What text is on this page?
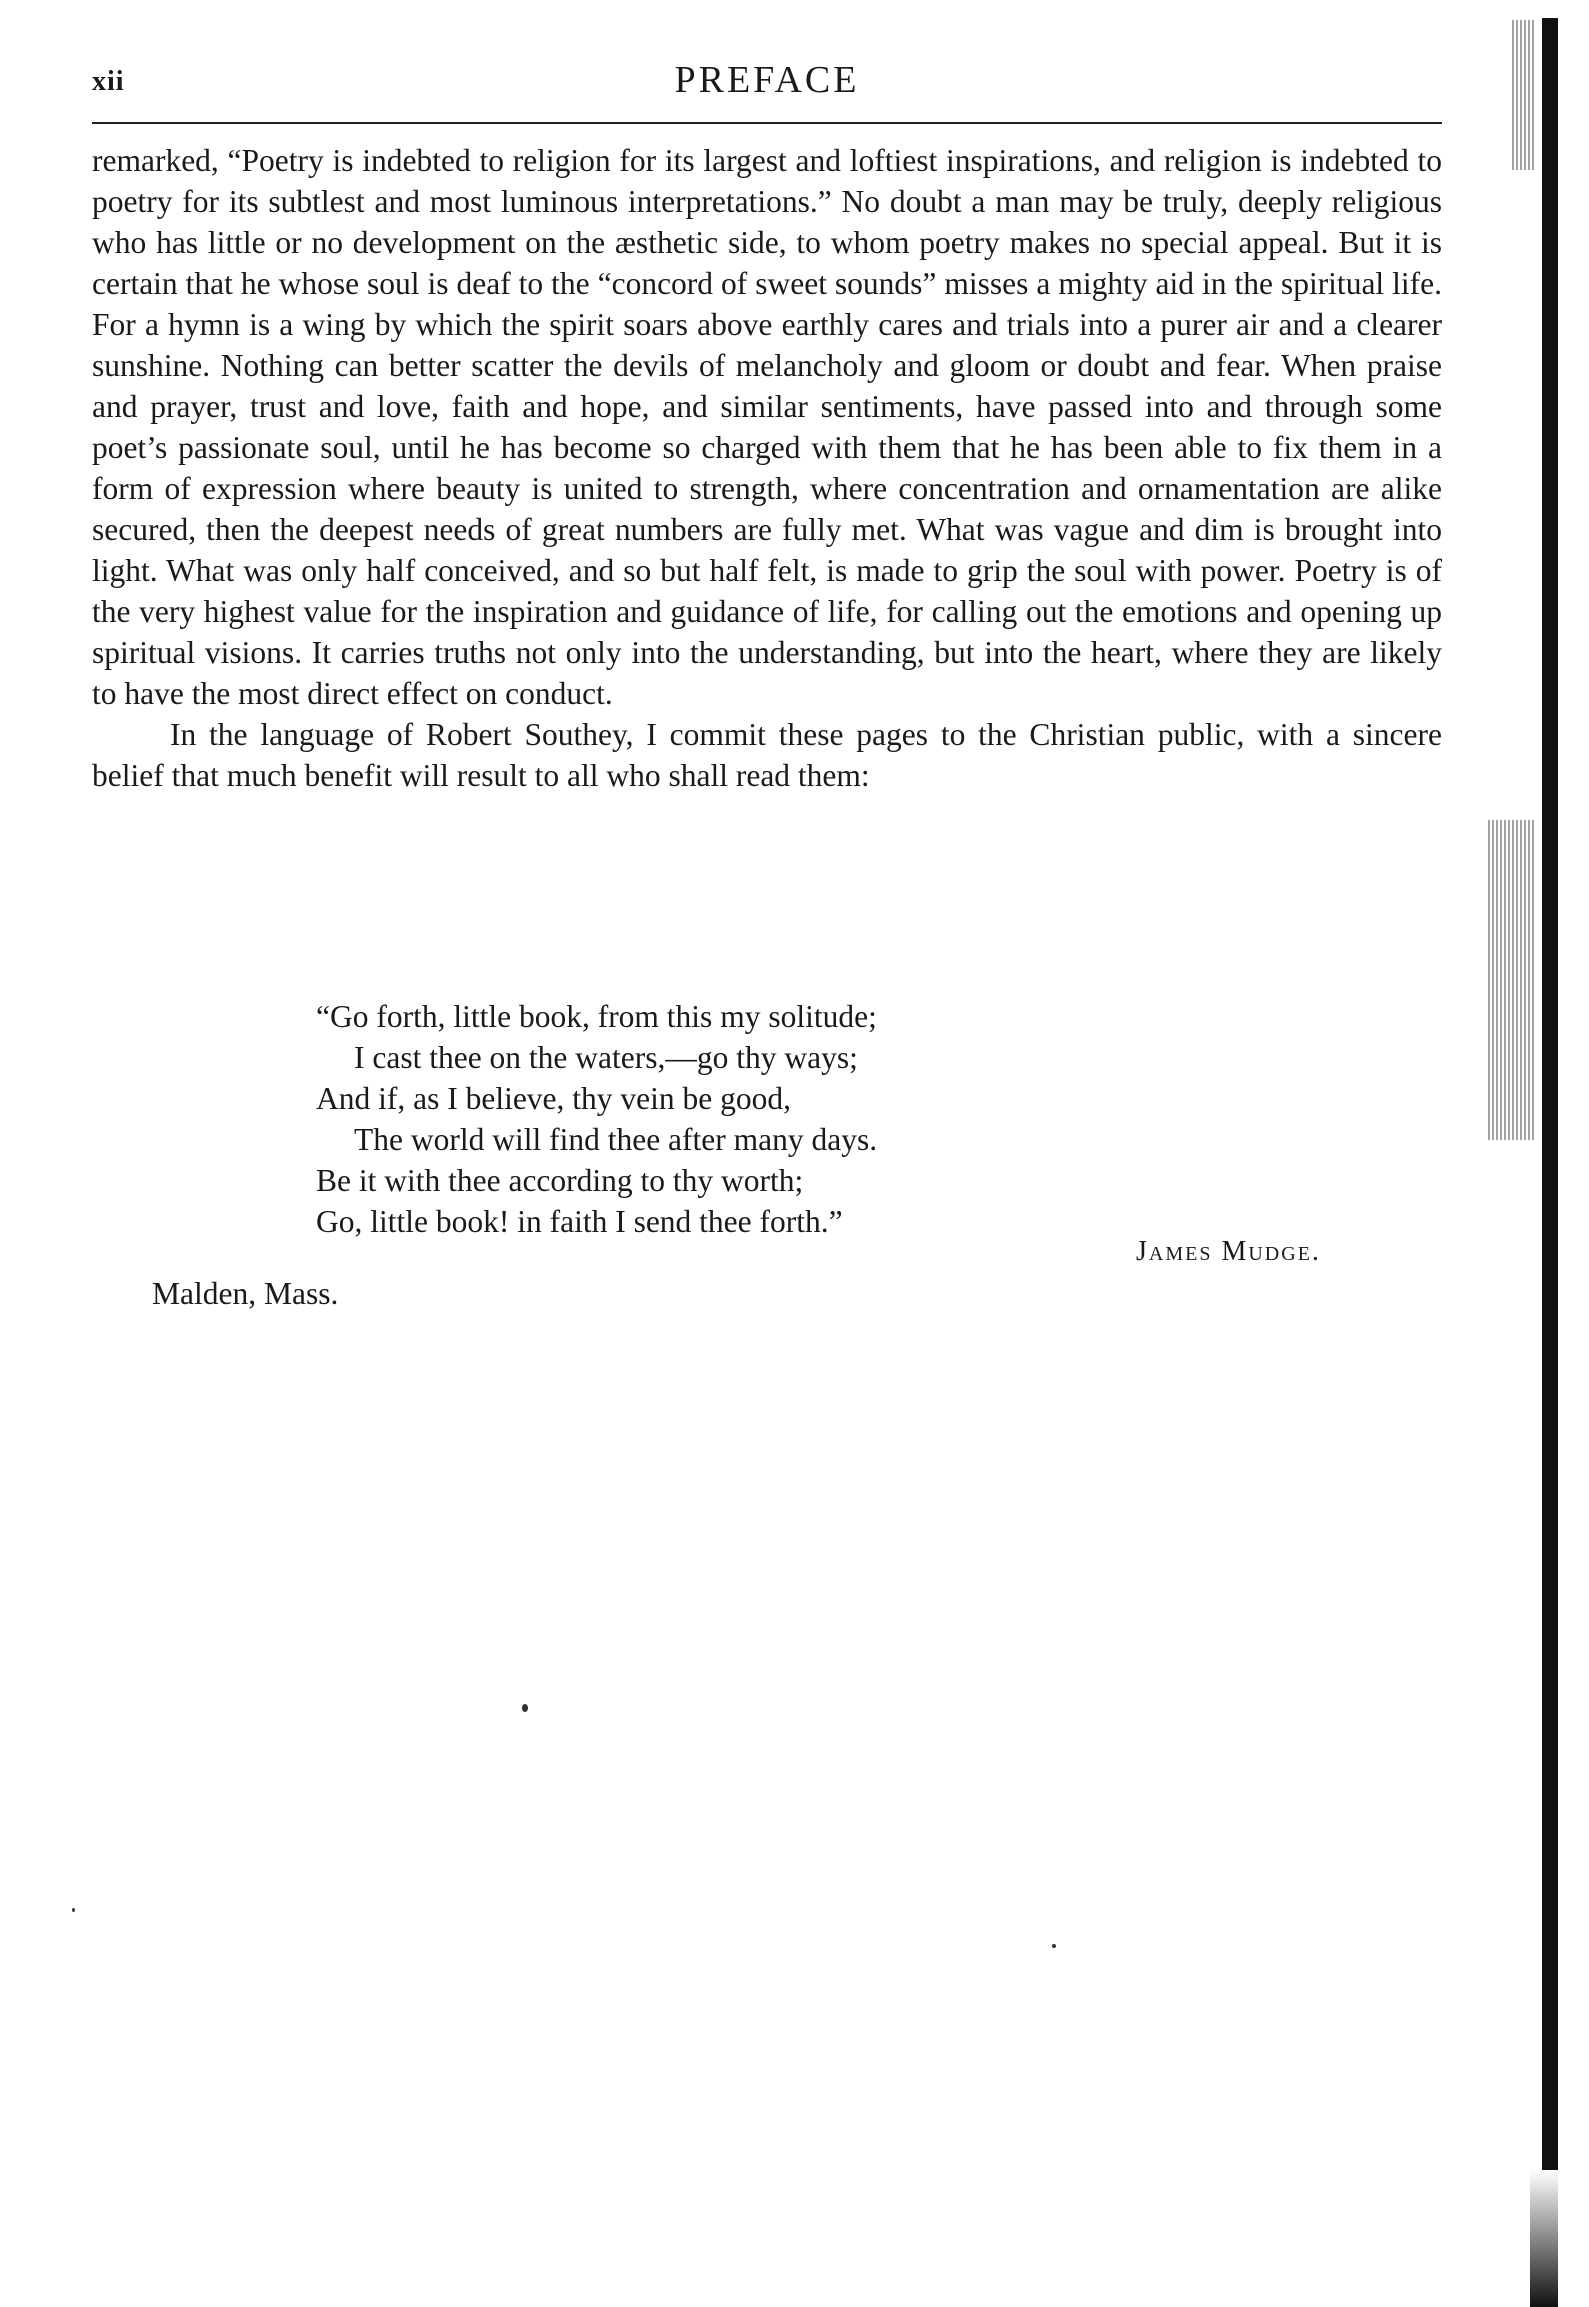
xii	PREFACE

remarked, “Poetry is indebted to religion for its largest and loftiest inspirations, and religion is indebted to poetry for its subtlest and most luminous interpretations.” No doubt a man may be truly, deeply religious who has little or no development on the æsthetic side, to whom poetry makes no special appeal. But it is certain that he whose soul is deaf to the “concord of sweet sounds” misses a mighty aid in the spiritual life. For a hymn is a wing by which the spirit soars above earthly cares and trials into a purer air and a clearer sunshine. Nothing can better scatter the devils of melancholy and gloom or doubt and fear. When praise and prayer, trust and love, faith and hope, and similar sentiments, have passed into and through some poet’s passionate soul, until he has become so charged with them that he has been able to fix them in a form of expression where beauty is united to strength, where concentration and ornamentation are alike secured, then the deepest needs of great numbers are fully met. What was vague and dim is brought into light. What was only half conceived, and so but half felt, is made to grip the soul with power. Poetry is of the very highest value for the inspiration and guidance of life, for calling out the emotions and opening up spiritual visions. It carries truths not only into the understanding, but into the heart, where they are likely to have the most direct effect on conduct.

In the language of Robert Southey, I commit these pages to the Christian public, with a sincere belief that much benefit will result to all who shall read them:

“Go forth, little book, from this my solitude;
I cast thee on the waters,—go thy ways;
And if, as I believe, thy vein be good,
The world will find thee after many days.
Be it with thee according to thy worth;
Go, little book! in faith I send thee forth.”
James Mudge.
Malden, Mass.
